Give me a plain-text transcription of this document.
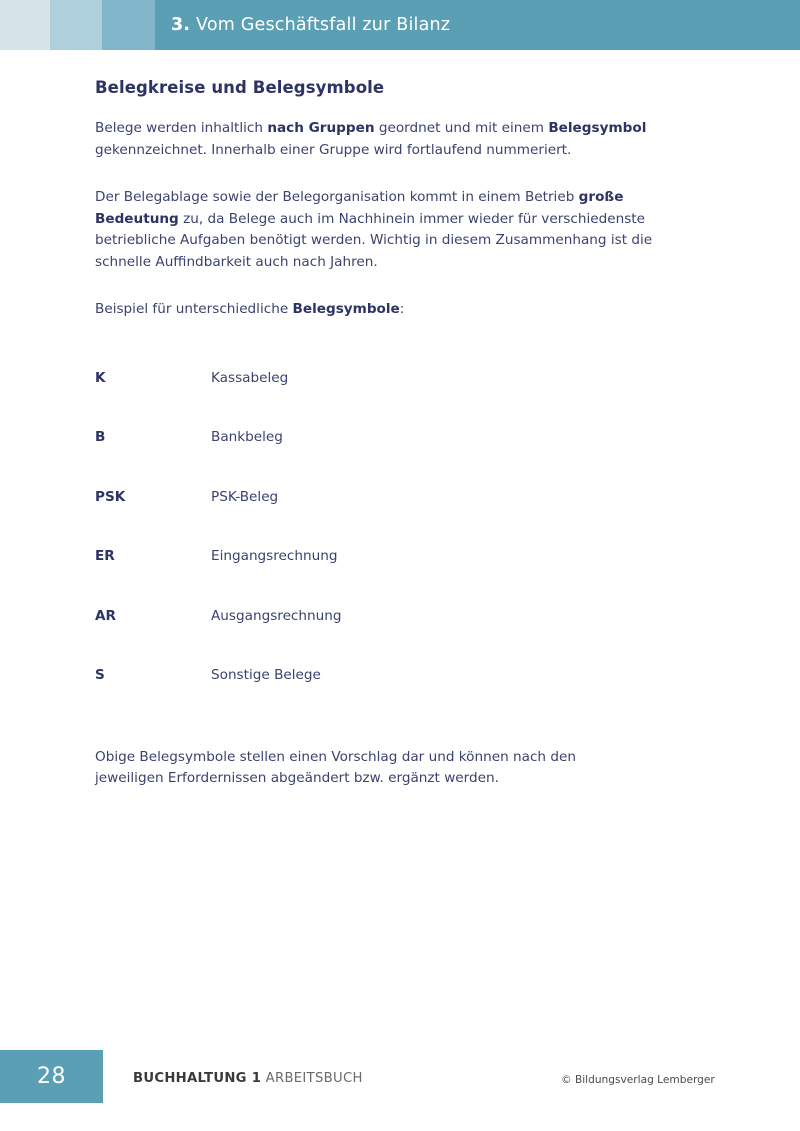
3. Vom Geschäftsfall zur Bilanz
Belegkreise und Belegsymbole

Belege werden inhaltlich nach Gruppen geordnet und mit einem Belegsymbol gekennzeichnet. Innerhalb einer Gruppe wird fortlaufend nummeriert.

Der Belegablage sowie der Belegorganisation kommt in einem Betrieb große Bedeutung zu, da Belege auch im Nachhinein immer wieder für verschiedenste betriebliche Aufgaben benötigt werden. Wichtig in diesem Zusammenhang ist die schnelle Auffindbarkeit auch nach Jahren.

Beispiel für unterschiedliche Belegsymbole:

K	Kassabeleg
B	Bankbeleg
PSK	PSK-Beleg
ER	Eingangsrechnung
AR	Ausgangsrechnung
S	Sonstige Belege

Obige Belegsymbole stellen einen Vorschlag dar und können nach den jeweiligen Erfordernissen abgeändert bzw. ergänzt werden.

28	BUCHHALTUNG 1 ARBEITSBUCH	© Bildungsverlag Lemberger
